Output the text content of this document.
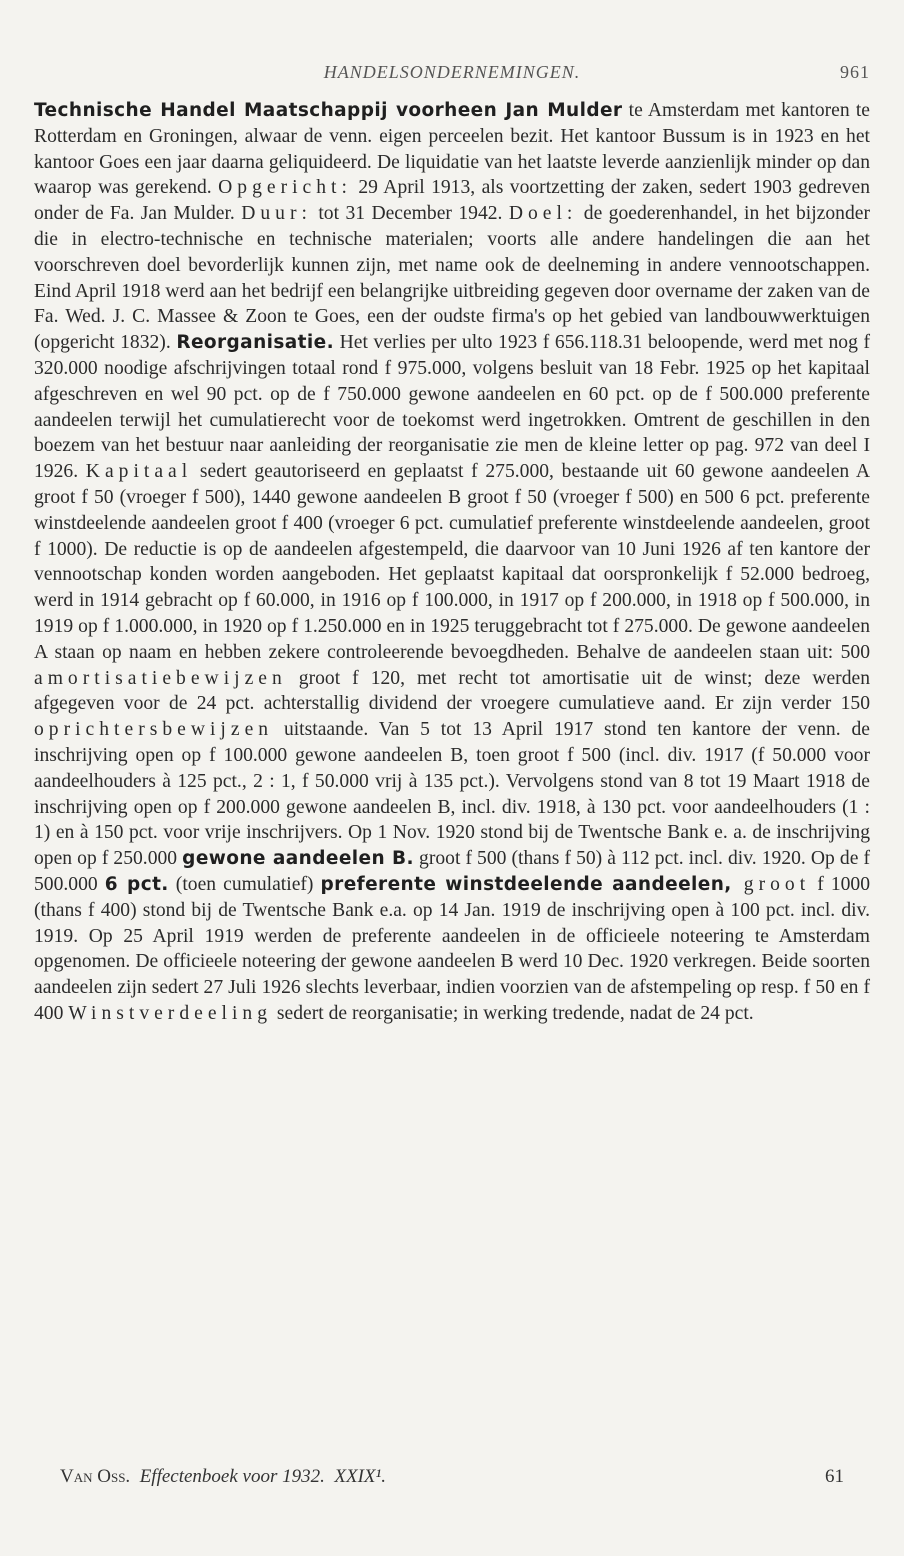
HANDELSONDERNEMINGEN.	961

Technische Handel Maatschappij voorheen Jan Mulder te Amsterdam met kantoren te Rotterdam en Groningen, alwaar de venn. eigen perceelen bezit. Het kantoor Bussum is in 1923 en het kantoor Goes een jaar daarna geliquideerd. De liquidatie van het laatste leverde aanzienlijk minder op dan waarop was gerekend. Opgericht: 29 April 1913, als voortzetting der zaken, sedert 1903 gedreven onder de Fa. Jan Mulder. Duur: tot 31 December 1942. Doel: de goederenhandel, in het bijzonder die in electro-technische en technische materialen; voorts alle andere handelingen die aan het voorschreven doel bevorderlijk kunnen zijn, met name ook de deelneming in andere vennootschappen. Eind April 1918 werd aan het bedrijf een belangrijke uitbreiding gegeven door overname der zaken van de Fa. Wed. J. C. Massee & Zoon te Goes, een der oudste firma's op het gebied van landbouwwerktuigen (opgericht 1832). Reorganisatie. Het verlies per ulto 1923 f 656.118.31 beloopende, werd met nog f 320.000 noodige afschrijvingen totaal rond f 975.000, volgens besluit van 18 Febr. 1925 op het kapitaal afgeschreven en wel 90 pct. op de f 750.000 gewone aandeelen en 60 pct. op de f 500.000 preferente aandeelen terwijl het cumulatierecht voor de toekomst werd ingetrokken. Omtrent de geschillen in den boezem van het bestuur naar aanleiding der reorganisatie zie men de kleine letter op pag. 972 van deel I 1926. Kapitaal sedert geautoriseerd en geplaatst f 275.000, bestaande uit 60 gewone aandeelen A groot f 50 (vroeger f 500), 1440 gewone aandeelen B groot f 50 (vroeger f 500) en 500 6 pct. preferente winstdeelende aandeelen groot f 400 (vroeger 6 pct. cumulatief preferente winstdeelende aandeelen, groot f 1000). De reductie is op de aandeelen afgestempeld, die daarvoor van 10 Juni 1926 af ten kantore der vennootschap konden worden aangeboden. Het geplaatst kapitaal dat oorspronkelijk f 52.000 bedroeg, werd in 1914 gebracht op f 60.000, in 1916 op f 100.000, in 1917 op f 200.000, in 1918 op f 500.000, in 1919 op f 1.000.000, in 1920 op f 1.250.000 en in 1925 teruggebracht tot f 275.000. De gewone aandeelen A staan op naam en hebben zekere controleerende bevoegdheden. Behalve de aandeelen staan uit: 500 amortisatiebewijzen groot f 120, met recht tot amortisatie uit de winst; deze werden afgegeven voor de 24 pct. achterstallig dividend der vroegere cumulatieve aand. Er zijn verder 150 oprichtersbewijzen uitstaande. Van 5 tot 13 April 1917 stond ten kantore der venn. de inschrijving open op f 100.000 gewone aandeelen B, toen groot f 500 (incl. div. 1917 (f 50.000 voor aandeelhouders à 125 pct., 2 : 1, f 50.000 vrij à 135 pct.). Vervolgens stond van 8 tot 19 Maart 1918 de inschrijving open op f 200.000 gewone aandeelen B, incl. div. 1918, à 130 pct. voor aandeelhouders (1 : 1) en à 150 pct. voor vrije inschrijvers. Op 1 Nov. 1920 stond bij de Twentsche Bank e. a. de inschrijving open op f 250.000 gewone aandeelen B. groot f 500 (thans f 50) à 112 pct. incl. div. 1920. Op de f 500.000 6 pct. (toen cumulatief) preferente winstdeelende aandeelen, groot f 1000 (thans f 400) stond bij de Twentsche Bank e.a. op 14 Jan. 1919 de inschrijving open à 100 pct. incl. div. 1919. Op 25 April 1919 werden de preferente aandeelen in de officieele noteering te Amsterdam opgenomen. De officieele noteering der gewone aandeelen B werd 10 Dec. 1920 verkregen. Beide soorten aandeelen zijn sedert 27 Juli 1926 slechts leverbaar, indien voorzien van de afstempeling op resp. f 50 en f 400 Winstverdeeling sedert de reorganisatie; in werking tredende, nadat de 24 pct.

Van Oss. Effectenboek voor 1932. XXIX¹.	61
